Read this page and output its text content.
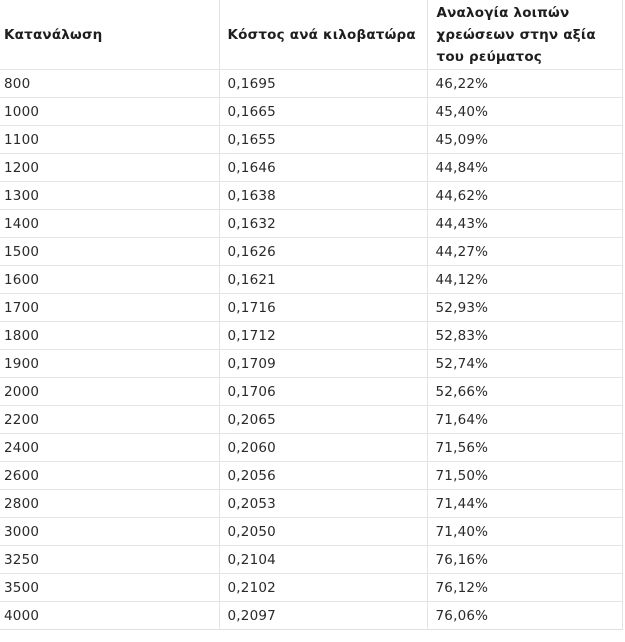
Κατανάλωση	Κόστος ανά κιλοβατώρα	Αναλογία λοιπών χρεώσεων στην αξία του ρεύματος
800	0,1695	46,22%
1000	0,1665	45,40%
1100	0,1655	45,09%
1200	0,1646	44,84%
1300	0,1638	44,62%
1400	0,1632	44,43%
1500	0,1626	44,27%
1600	0,1621	44,12%
1700	0,1716	52,93%
1800	0,1712	52,83%
1900	0,1709	52,74%
2000	0,1706	52,66%
2200	0,2065	71,64%
2400	0,2060	71,56%
2600	0,2056	71,50%
2800	0,2053	71,44%
3000	0,2050	71,40%
3250	0,2104	76,16%
3500	0,2102	76,12%
4000	0,2097	76,06%
